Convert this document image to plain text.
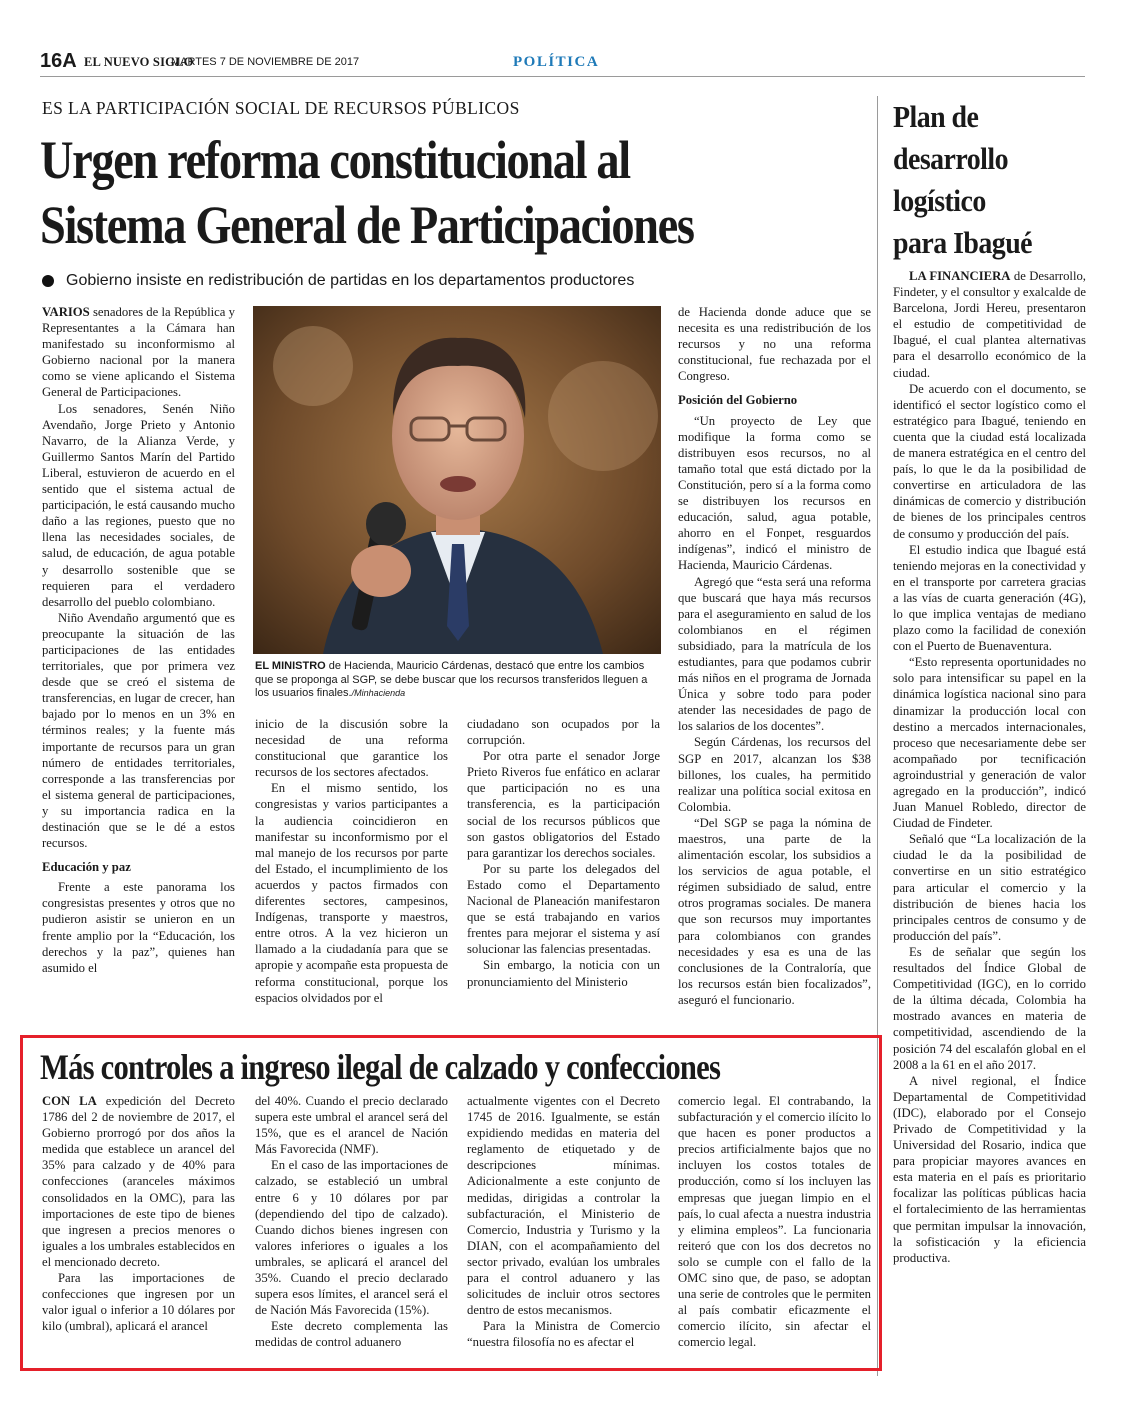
16A EL NUEVO SIGLO
MARTES 7 DE NOVIEMBRE DE 2017	POLÍTICA
ES LA PARTICIPACIÓN SOCIAL DE RECURSOS PÚBLICOS
Urgen reforma constitucional al
Sistema General de Participaciones
Gobierno insiste en redistribución de partidas en los departamentos productores

VARIOS senadores de la República y Representantes a la Cámara han manifestado su inconformismo al Gobierno nacional por la manera como se viene aplicando el Sistema General de Participaciones.

Los senadores, Senén Niño Avendaño, Jorge Prieto y Antonio Navarro, de la Alianza Verde, y Guillermo Santos Marín del Partido Liberal, estuvieron de acuerdo en el sentido que el sistema actual de participación, le está causando mucho daño a las regiones, puesto que no llena las necesidades sociales, de salud, de educación, de agua potable y desarrollo sostenible que se requieren para el verdadero desarrollo del pueblo colombiano.

Niño Avendaño argumentó que es preocupante la situación de las participaciones de las entidades territoriales, que por primera vez desde que se creó el sistema de transferencias, en lugar de crecer, han bajado por lo menos en un 3% en términos reales; y la fuente más importante de recursos para un gran número de entidades territoriales, corresponde a las transferencias por el sistema general de participaciones, y su importancia radica en la destinación que se le dé a estos recursos.

Educación y paz

Frente a este panorama los congresistas presentes y otros que no pudieron asistir se unieron en un frente amplio por la “Educación, los derechos y la paz”, quienes han asumido el

EL MINISTRO de Hacienda, Mauricio Cárdenas, destacó que entre los cambios que se proponga al SGP, se debe buscar que los recursos transferidos lleguen a los usuarios finales./Minhacienda

inicio de la discusión sobre la necesidad de una reforma constitucional que garantice los recursos de los sectores afectados.

En el mismo sentido, los congresistas y varios participantes a la audiencia coincidieron en manifestar su inconformismo por el mal manejo de los recursos por parte del Estado, el incumplimiento de los acuerdos y pactos firmados con diferentes sectores, campesinos, Indígenas, transporte y maestros, entre otros. A la vez hicieron un llamado a la ciudadanía para que se apropie y acompañe esta propuesta de reforma constitucional, porque los espacios olvidados por el

ciudadano son ocupados por la corrupción.

Por otra parte el senador Jorge Prieto Riveros fue enfático en aclarar que participación no es una transferencia, es la participación social de los recursos públicos que son gastos obligatorios del Estado para garantizar los derechos sociales.

Por su parte los delegados del Estado como el Departamento Nacional de Planeación manifestaron que se está trabajando en varios frentes para mejorar el sistema y así solucionar las falencias presentadas.

Sin embargo, la noticia con un pronunciamiento del Ministerio

de Hacienda donde aduce que se necesita es una redistribución de los recursos y no una reforma constitucional, fue rechazada por el Congreso.

Posición del Gobierno

“Un proyecto de Ley que modifique la forma como se distribuyen esos recursos, no al tamaño total que está dictado por la Constitución, pero sí a la forma como se distribuyen los recursos en educación, salud, agua potable, ahorro en el Fonpet, resguardos indígenas”, indicó el ministro de Hacienda, Mauricio Cárdenas.

Agregó que “esta será una reforma que buscará que haya más recursos para el aseguramiento en salud de los colombianos en el régimen subsidiado, para la matrícula de los estudiantes, para que podamos cubrir más niños en el programa de Jornada Única y sobre todo para poder atender las necesidades de pago de los salarios de los docentes”.

Según Cárdenas, los recursos del SGP en 2017, alcanzan los $38 billones, los cuales, ha permitido realizar una política social exitosa en Colombia.

“Del SGP se paga la nómina de maestros, una parte de la alimentación escolar, los subsidios a los servicios de agua potable, el régimen subsidiado de salud, entre otros programas sociales. De manera que son recursos muy importantes para colombianos con grandes necesidades y esa es una de las conclusiones de la Contraloría, que los recursos están bien focalizados”, aseguró el funcionario.

Más controles a ingreso ilegal de calzado y confecciones

CON LA expedición del Decreto 1786 del 2 de noviembre de 2017, el Gobierno prorrogó por dos años la medida que establece un arancel del 35% para calzado y de 40% para confecciones (aranceles máximos consolidados en la OMC), para las importaciones de este tipo de bienes que ingresen a precios menores o iguales a los umbrales establecidos en el mencionado decreto.

Para las importaciones de confecciones que ingresen por un valor igual o inferior a 10 dólares por kilo (umbral), aplicará el arancel

del 40%. Cuando el precio declarado supera este umbral el arancel será del 15%, que es el arancel de Nación Más Favorecida (NMF).

En el caso de las importaciones de calzado, se estableció un umbral entre 6 y 10 dólares por par (dependiendo del tipo de calzado). Cuando dichos bienes ingresen con valores inferiores o iguales a los umbrales, se aplicará el arancel del 35%. Cuando el precio declarado supera esos límites, el arancel será el de Nación Más Favorecida (15%).

Este decreto complementa las medidas de control aduanero

actualmente vigentes con el Decreto 1745 de 2016. Igualmente, se están expidiendo medidas en materia del reglamento de etiquetado y de descripciones mínimas. Adicionalmente a este conjunto de medidas, dirigidas a controlar la subfacturación, el Ministerio de Comercio, Industria y Turismo y la DIAN, con el acompañamiento del sector privado, evalúan los umbrales para el control aduanero y las solicitudes de incluir otros sectores dentro de estos mecanismos.

Para la Ministra de Comercio “nuestra filosofía no es afectar el

comercio legal. El contrabando, la subfacturación y el comercio ilícito lo que hacen es poner productos a precios artificialmente bajos que no incluyen los costos totales de producción, como sí los incluyen las empresas que juegan limpio en el país, lo cual afecta a nuestra industria y elimina empleos”. La funcionaria reiteró que con los dos decretos no solo se cumple con el fallo de la OMC sino que, de paso, se adoptan una serie de controles que le permiten al país combatir eficazmente el comercio ilícito, sin afectar el comercio legal.

Plan de
desarrollo
logístico
para Ibagué

LA FINANCIERA de Desarrollo, Findeter, y el consultor y exalcalde de Barcelona, Jordi Hereu, presentaron el estudio de competitividad de Ibagué, el cual plantea alternativas para el desarrollo económico de la ciudad.

De acuerdo con el documento, se identificó el sector logístico como el estratégico para Ibagué, teniendo en cuenta que la ciudad está localizada de manera estratégica en el centro del país, lo que le da la posibilidad de convertirse en articuladora de las dinámicas de comercio y distribución de bienes de los principales centros de consumo y producción del país.

El estudio indica que Ibagué está teniendo mejoras en la conectividad y en el transporte por carretera gracias a las vías de cuarta generación (4G), lo que implica ventajas de mediano plazo como la facilidad de conexión con el Puerto de Buenaventura.

“Esto representa oportunidades no solo para intensificar su papel en la dinámica logística nacional sino para dinamizar la producción local con destino a mercados internacionales, proceso que necesariamente debe ser acompañado por tecnificación agroindustrial y generación de valor agregado en la producción”, indicó Juan Manuel Robledo, director de Ciudad de Findeter.

Señaló que “La localización de la ciudad le da la posibilidad de convertirse en un sitio estratégico para articular el comercio y la distribución de bienes hacia los principales centros de consumo y de producción del país”.

Es de señalar que según los resultados del Índice Global de Competitividad (IGC), en lo corrido de la última década, Colombia ha mostrado avances en materia de competitividad, ascendiendo de la posición 74 del escalafón global en el 2008 a la 61 en el año 2017.

A nivel regional, el Índice Departamental de Competitividad (IDC), elaborado por el Consejo Privado de Competitividad y la Universidad del Rosario, indica que para propiciar mayores avances en esta materia en el país es prioritario focalizar las políticas públicas hacia el fortalecimiento de las herramientas que permitan impulsar la innovación, la sofisticación y la eficiencia productiva.
